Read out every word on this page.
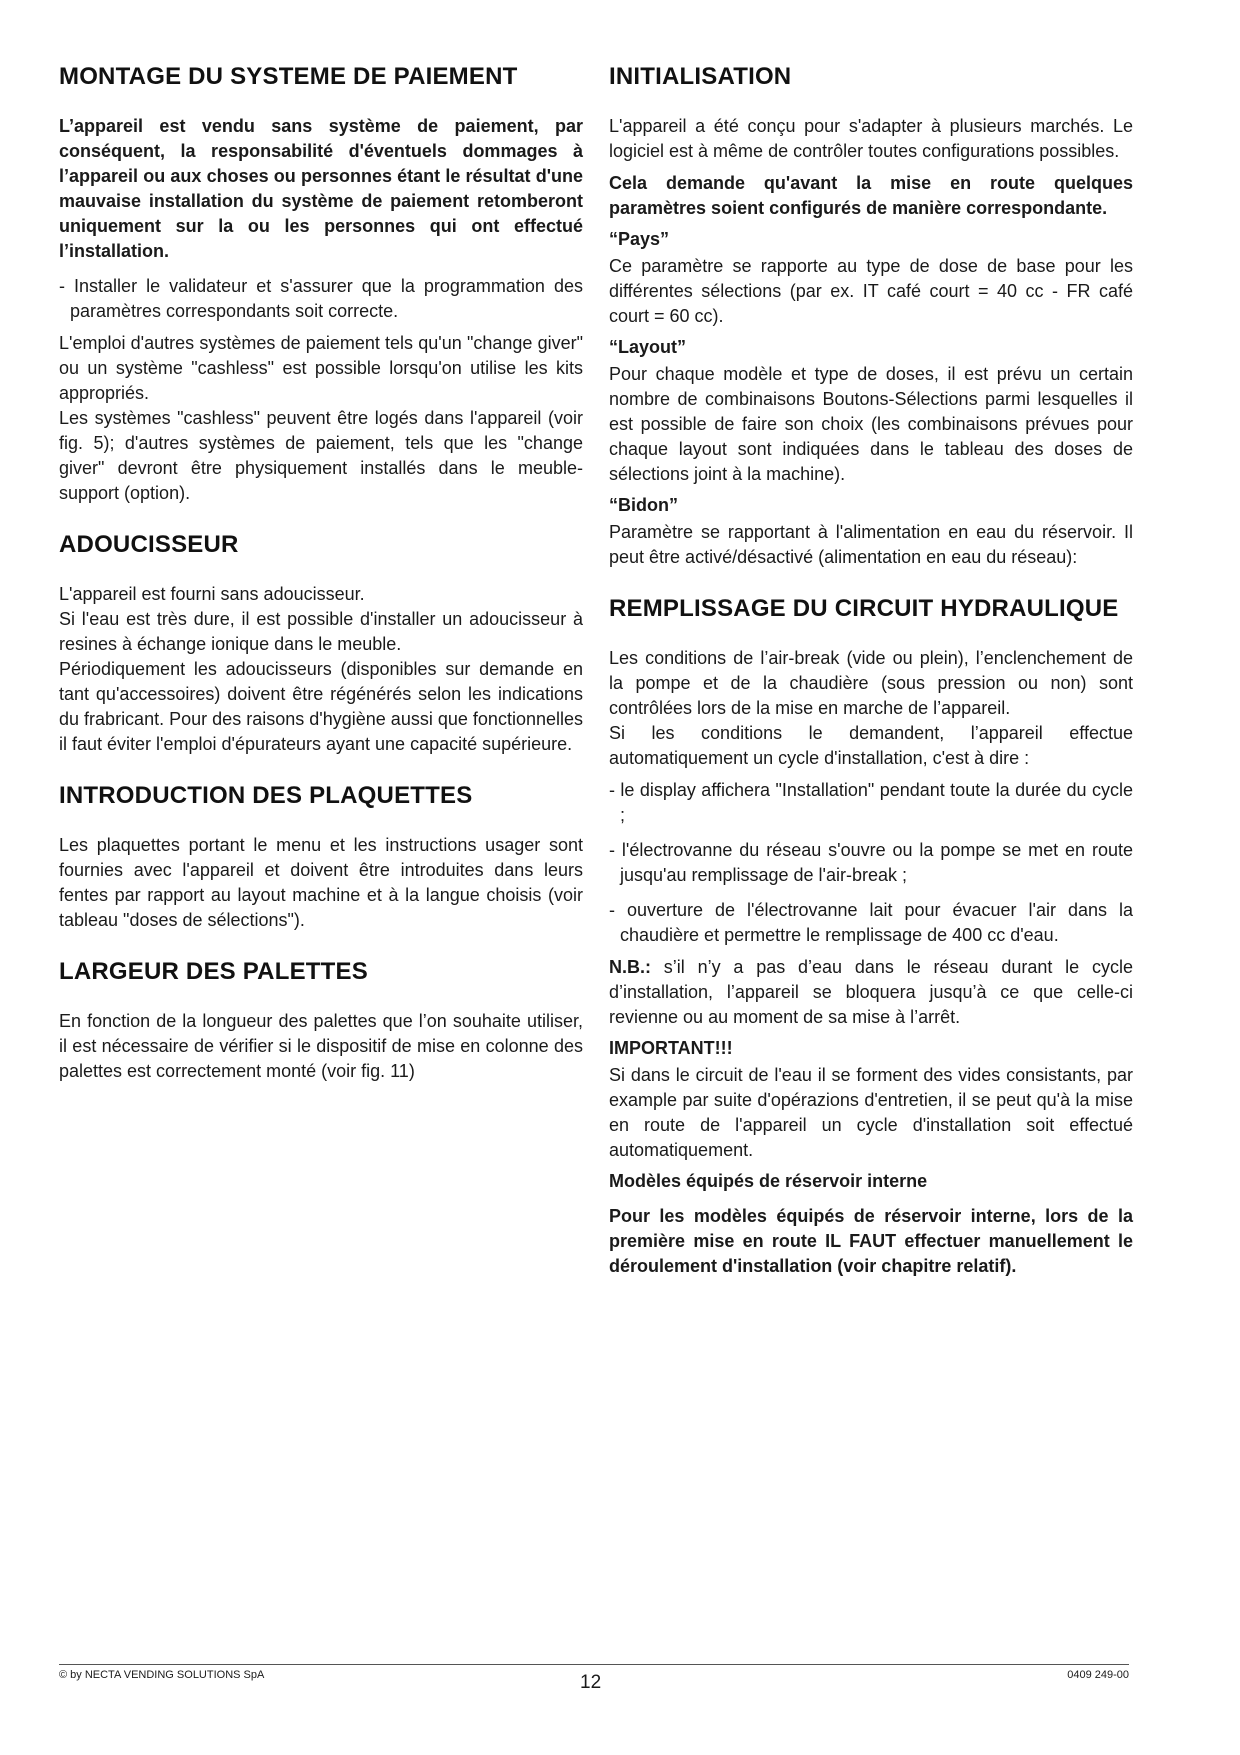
MONTAGE DU SYSTEME DE PAIEMENT

L’appareil est vendu sans système de paiement, par conséquent, la responsabilité d'éventuels dommages à l’appareil ou aux choses ou personnes étant le résultat d'une mauvaise installation du système de paiement retomberont uniquement sur la ou les personnes qui ont effectué l’installation.

- Installer le validateur et s'assurer que la programmation des paramètres correspondants soit correcte.

L'emploi d'autres systèmes de paiement tels qu'un "change giver" ou un système "cashless" est possible lorsqu'on utilise les kits appropriés.

Les systèmes "cashless" peuvent être logés dans l'appareil (voir fig. 5); d'autres systèmes de paiement, tels que les "change giver" devront être physiquement installés dans le meuble-support (option).

ADOUCISSEUR

L'appareil est fourni sans adoucisseur.

Si l'eau est très dure, il est possible d'installer un adoucisseur à resines à échange ionique dans le meuble.

Périodiquement les adoucisseurs (disponibles sur demande en tant qu'accessoires) doivent être régénérés selon les indications du frabricant. Pour des raisons d'hygiène aussi que fonctionnelles il faut éviter l'emploi d'épurateurs ayant une capacité supérieure.

INTRODUCTION DES PLAQUETTES

Les plaquettes portant le menu et les instructions usager sont fournies avec l'appareil et doivent être introduites dans leurs fentes par rapport au layout machine et à la langue choisis (voir tableau "doses de sélections").

LARGEUR DES PALETTES

En fonction de la longueur des palettes que l’on souhaite utiliser, il est nécessaire de vérifier si le dispositif de mise en colonne des palettes est correctement monté (voir fig. 11)

INITIALISATION

L'appareil a été conçu pour s'adapter à plusieurs marchés. Le logiciel est à même de contrôler toutes configurations possibles.

Cela demande qu'avant la mise en route quelques paramètres soient configurés de manière correspondante.

“Pays”

Ce paramètre se rapporte au type de dose de base pour les différentes sélections (par ex. IT café court = 40 cc - FR café court = 60 cc).

“Layout”

Pour chaque modèle et type de doses, il est prévu un certain nombre de combinaisons Boutons-Sélections parmi lesquelles il est possible de faire son choix (les combinaisons prévues pour chaque layout sont indiquées dans le tableau des doses de sélections joint à la machine).

“Bidon”

Paramètre se rapportant à l'alimentation en eau du réservoir. Il peut être activé/désactivé (alimentation en eau du réseau):

REMPLISSAGE DU CIRCUIT HYDRAULIQUE

Les conditions de l’air-break (vide ou plein), l’enclenchement de la pompe et de la chaudière (sous pression ou non) sont contrôlées lors de la mise en marche de l’appareil.

Si les conditions le demandent, l’appareil effectue automatiquement un cycle d'installation, c'est à dire :

- le display affichera "Installation" pendant toute la durée du cycle ;

- l'électrovanne du réseau s'ouvre ou la pompe se met en route jusqu'au remplissage de l'air-break ;

- ouverture de l'électrovanne lait pour évacuer l'air dans la chaudière et permettre le remplissage de 400 cc d'eau.

N.B.: s’il n’y a pas d’eau dans le réseau durant le cycle d’installation, l’appareil se bloquera jusqu’à ce que celle-ci revienne ou au moment de sa mise à l’arrêt.

IMPORTANT!!!

Si dans le circuit de l'eau il se forment des vides consistants, par example par suite d'opérazions d'entretien, il se peut qu'à la mise en route de l'appareil un cycle d'installation soit effectué automatiquement.

Modèles équipés de réservoir interne

Pour les modèles équipés de réservoir interne, lors de la première mise en route IL FAUT effectuer manuellement le déroulement d'installation (voir chapitre relatif).

© by NECTA VENDING SOLUTIONS SpA	12	0409 249-00
